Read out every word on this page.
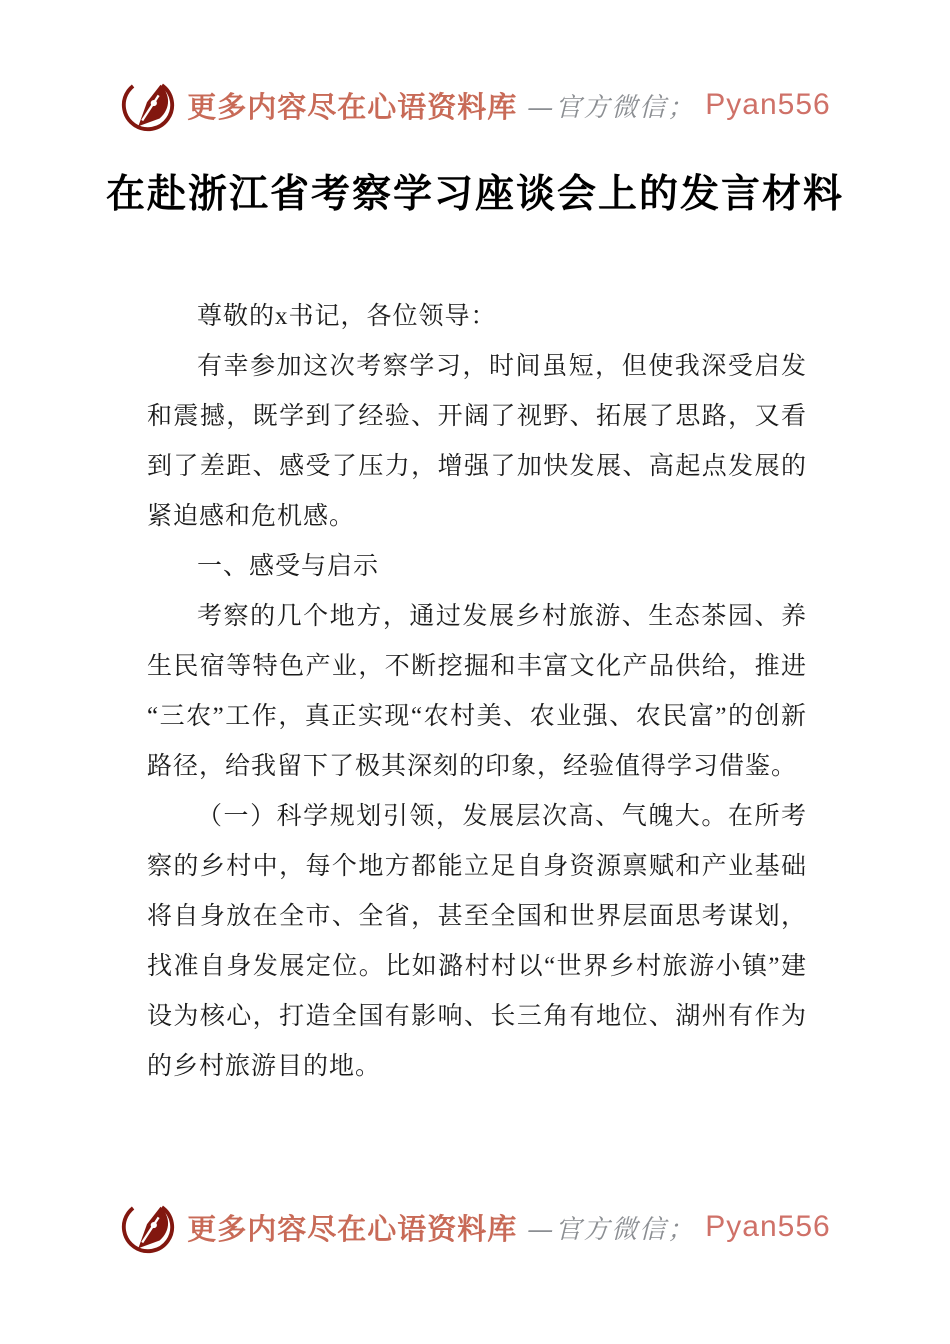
更多内容尽在心语资料库 —官方微信； Pyan556
在赴浙江省考察学习座谈会上的发言材料

尊敬的x书记，各位领导：

有幸参加这次考察学习，时间虽短，但使我深受启发和震撼，既学到了经验、开阔了视野、拓展了思路，又看到了差距、感受了压力，增强了加快发展、高起点发展的紧迫感和危机感。

一、感受与启示

考察的几个地方，通过发展乡村旅游、生态茶园、养生民宿等特色产业，不断挖掘和丰富文化产品供给，推进“三农”工作，真正实现“农村美、农业强、农民富”的创新路径，给我留下了极其深刻的印象，经验值得学习借鉴。

（一）科学规划引领，发展层次高、气魄大。在所考察的乡村中，每个地方都能立足自身资源禀赋和产业基础将自身放在全市、全省，甚至全国和世界层面思考谋划，找准自身发展定位。比如潞村村以“世界乡村旅游小镇”建设为核心，打造全国有影响、长三角有地位、湖州有作为的乡村旅游目的地。

更多内容尽在心语资料库 —官方微信； Pyan556
